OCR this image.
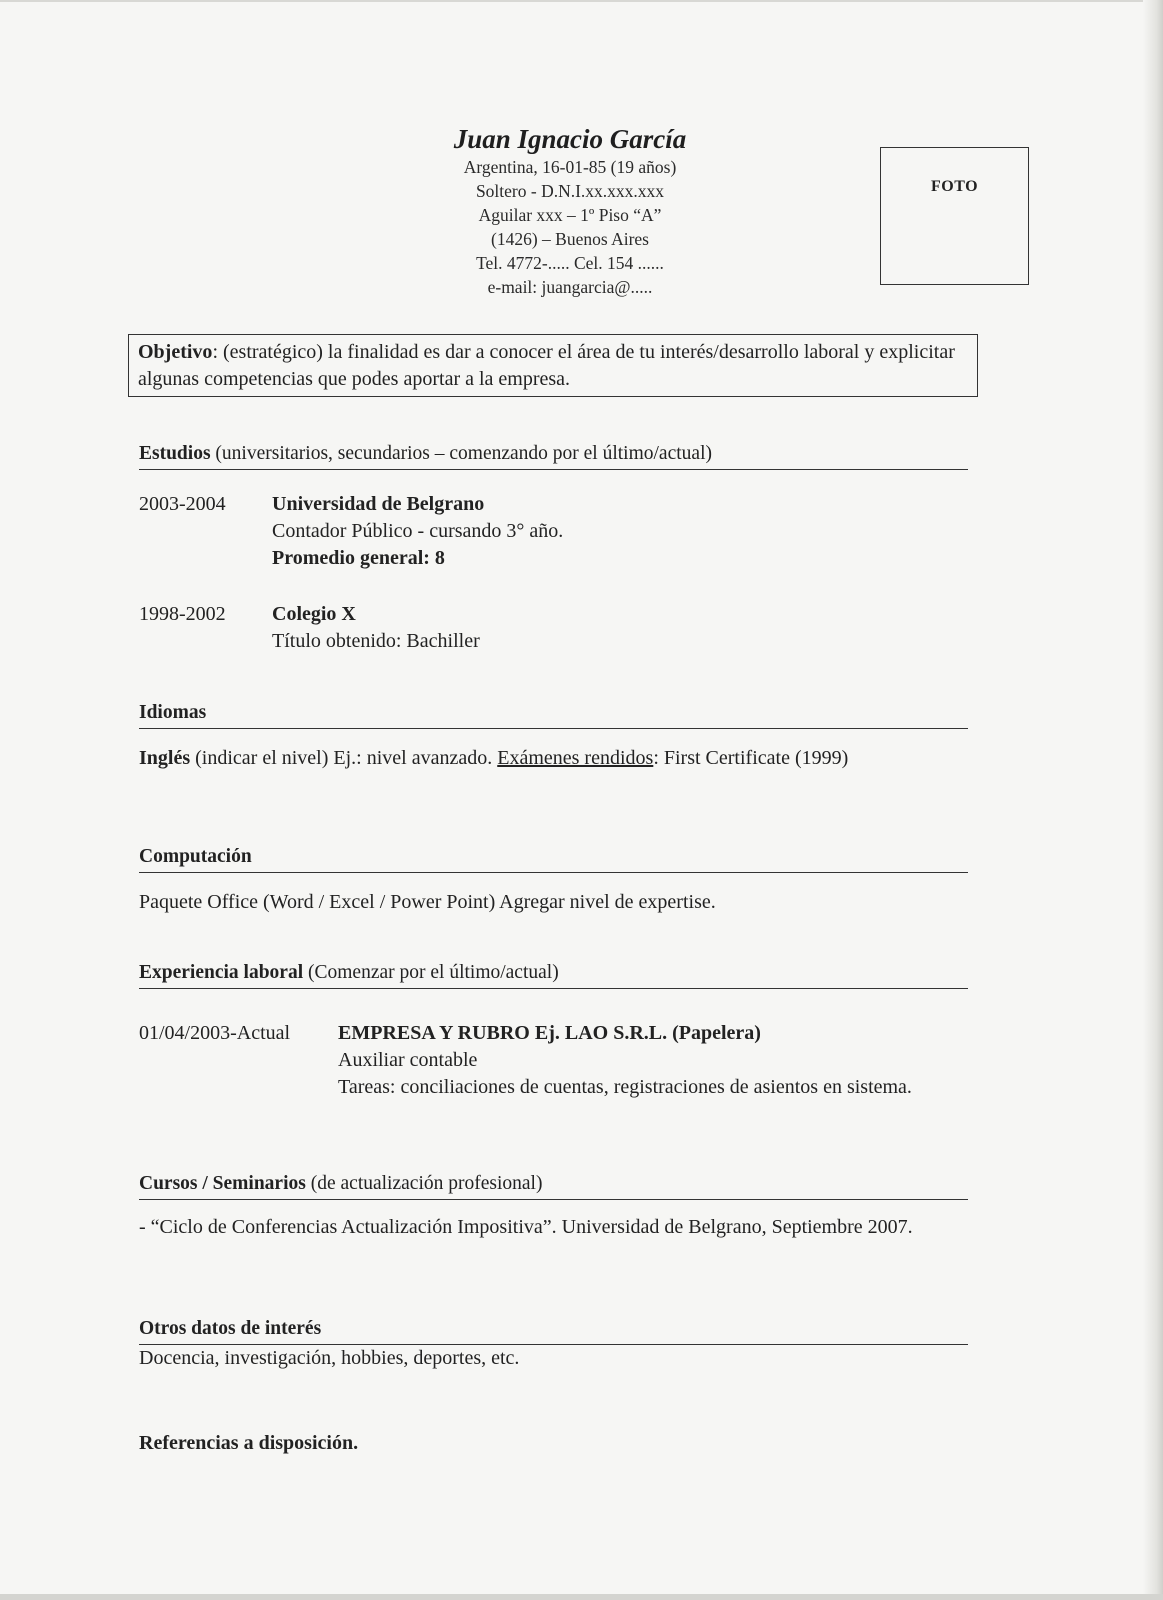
Juan Ignacio García
Argentina, 16-01-85 (19 años)
Soltero - D.N.I.xx.xxx.xxx
Aguilar xxx – 1º Piso “A”
(1426) – Buenos Aires
Tel. 4772-..... Cel. 154 ......
e-mail: juangarcia@.....
FOTO
Objetivo: (estratégico) la finalidad es dar a conocer el área de tu interés/desarrollo laboral y explicitar algunas competencias que podes aportar a la empresa.
Estudios (universitarios, secundarios – comenzando por el último/actual)
2003-2004 Universidad de Belgrano
Contador Público - cursando 3° año.
Promedio general: 8
1998-2002 Colegio X
Título obtenido: Bachiller
Idiomas
Inglés (indicar el nivel) Ej.: nivel avanzado. Exámenes rendidos: First Certificate (1999)
Computación
Paquete Office (Word / Excel / Power Point) Agregar nivel de expertise.
Experiencia laboral (Comenzar por el último/actual)
01/04/2003-Actual EMPRESA Y RUBRO Ej. LAO S.R.L. (Papelera)
Auxiliar contable
Tareas: conciliaciones de cuentas, registraciones de asientos en sistema.
Cursos / Seminarios (de actualización profesional)
- “Ciclo de Conferencias Actualización Impositiva”. Universidad de Belgrano, Septiembre 2007.
Otros datos de interés
Docencia, investigación, hobbies, deportes, etc.
Referencias a disposición.
